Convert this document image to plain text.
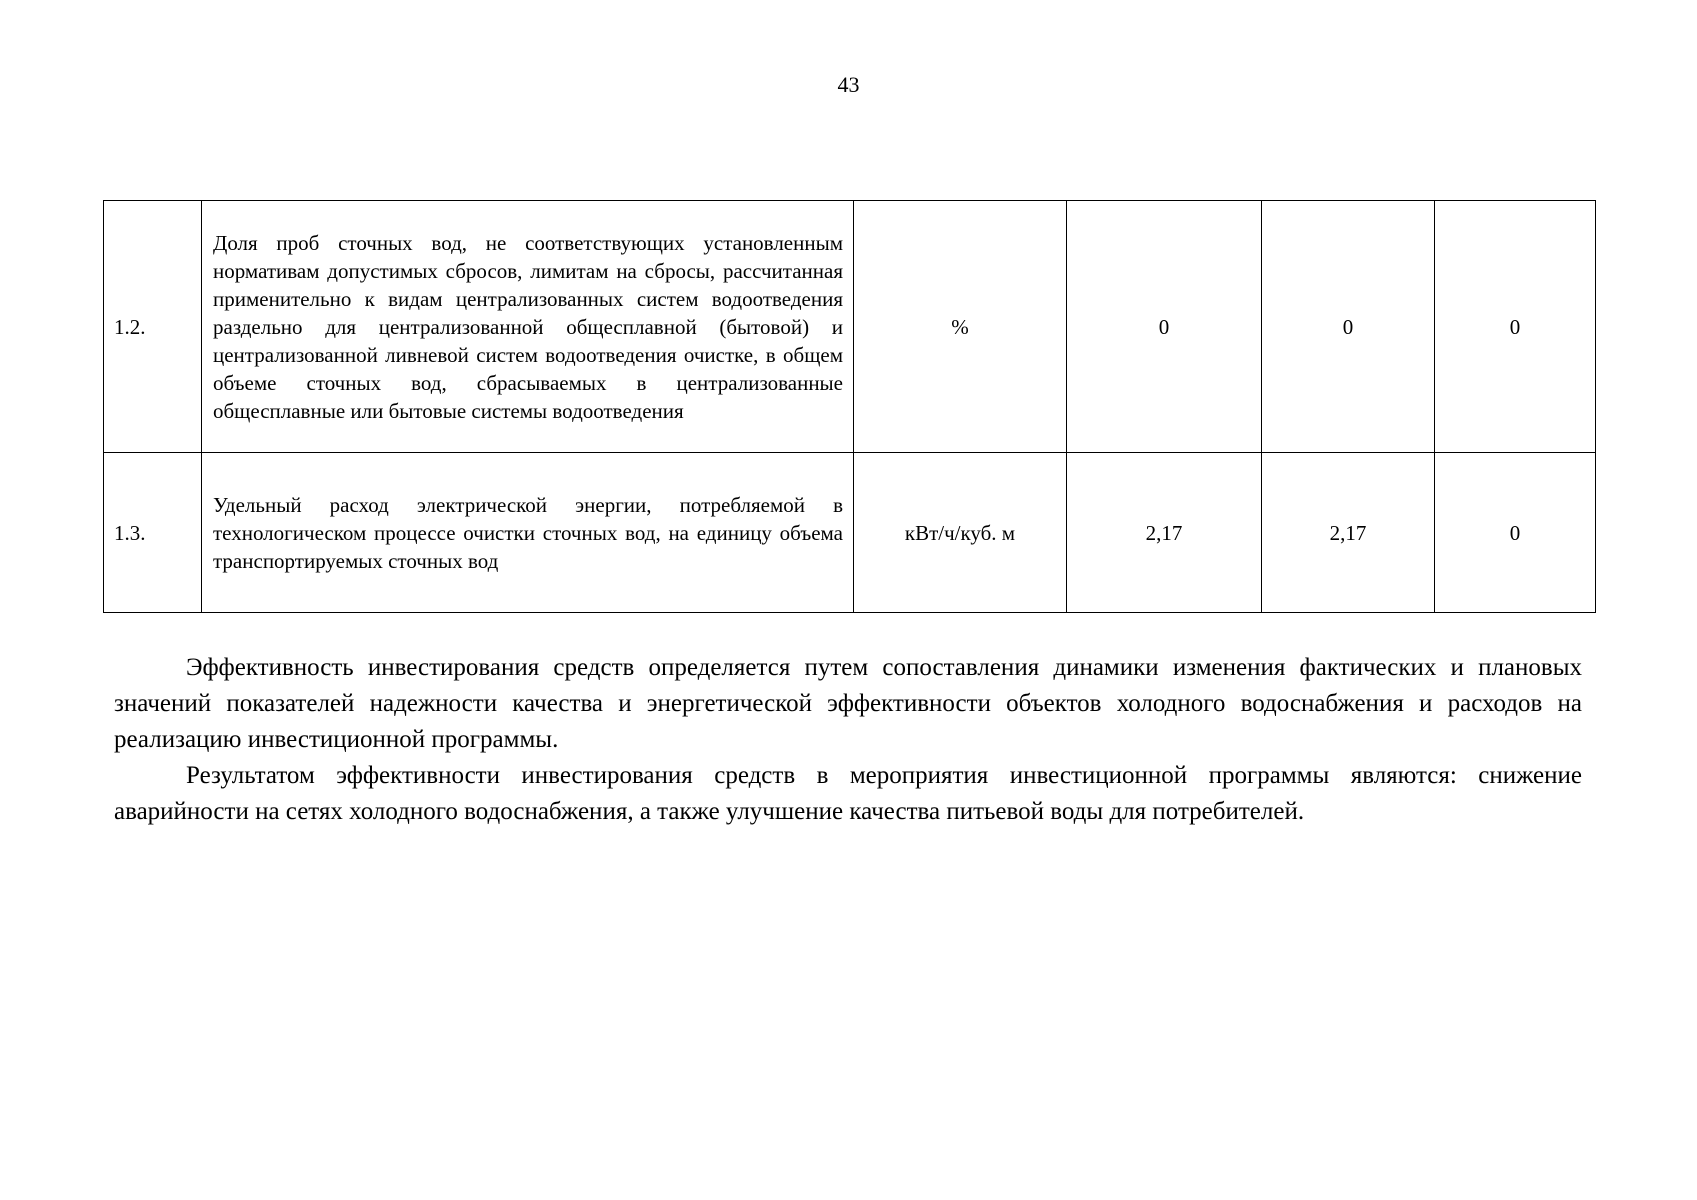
43
1.2.	Доля проб сточных вод, не соответствующих установленным нормативам допустимых сбросов, лимитам на сбросы, рассчитанная применительно к видам централизованных систем водоотведения раздельно для централизованной общесплавной (бытовой) и централизованной ливневой систем водоотведения очистке, в общем объеме сточных вод, сбрасываемых в централизованные общесплавные или бытовые системы водоотведения	%	0	0	0
1.3.	Удельный расход электрической энергии, потребляемой в технологическом процессе очистки сточных вод, на единицу объема транспортируемых сточных вод	кВт/ч/куб. м	2,17	2,17	0

Эффективность инвестирования средств определяется путем сопоставления динамики изменения фактических и плановых значений показателей надежности качества и энергетической эффективности объектов холодного водоснабжения и расходов на реализацию инвестиционной программы.

Результатом эффективности инвестирования средств в мероприятия инвестиционной программы являются: снижение аварийности на сетях холодного водоснабжения, а также улучшение качества питьевой воды для потребителей.
